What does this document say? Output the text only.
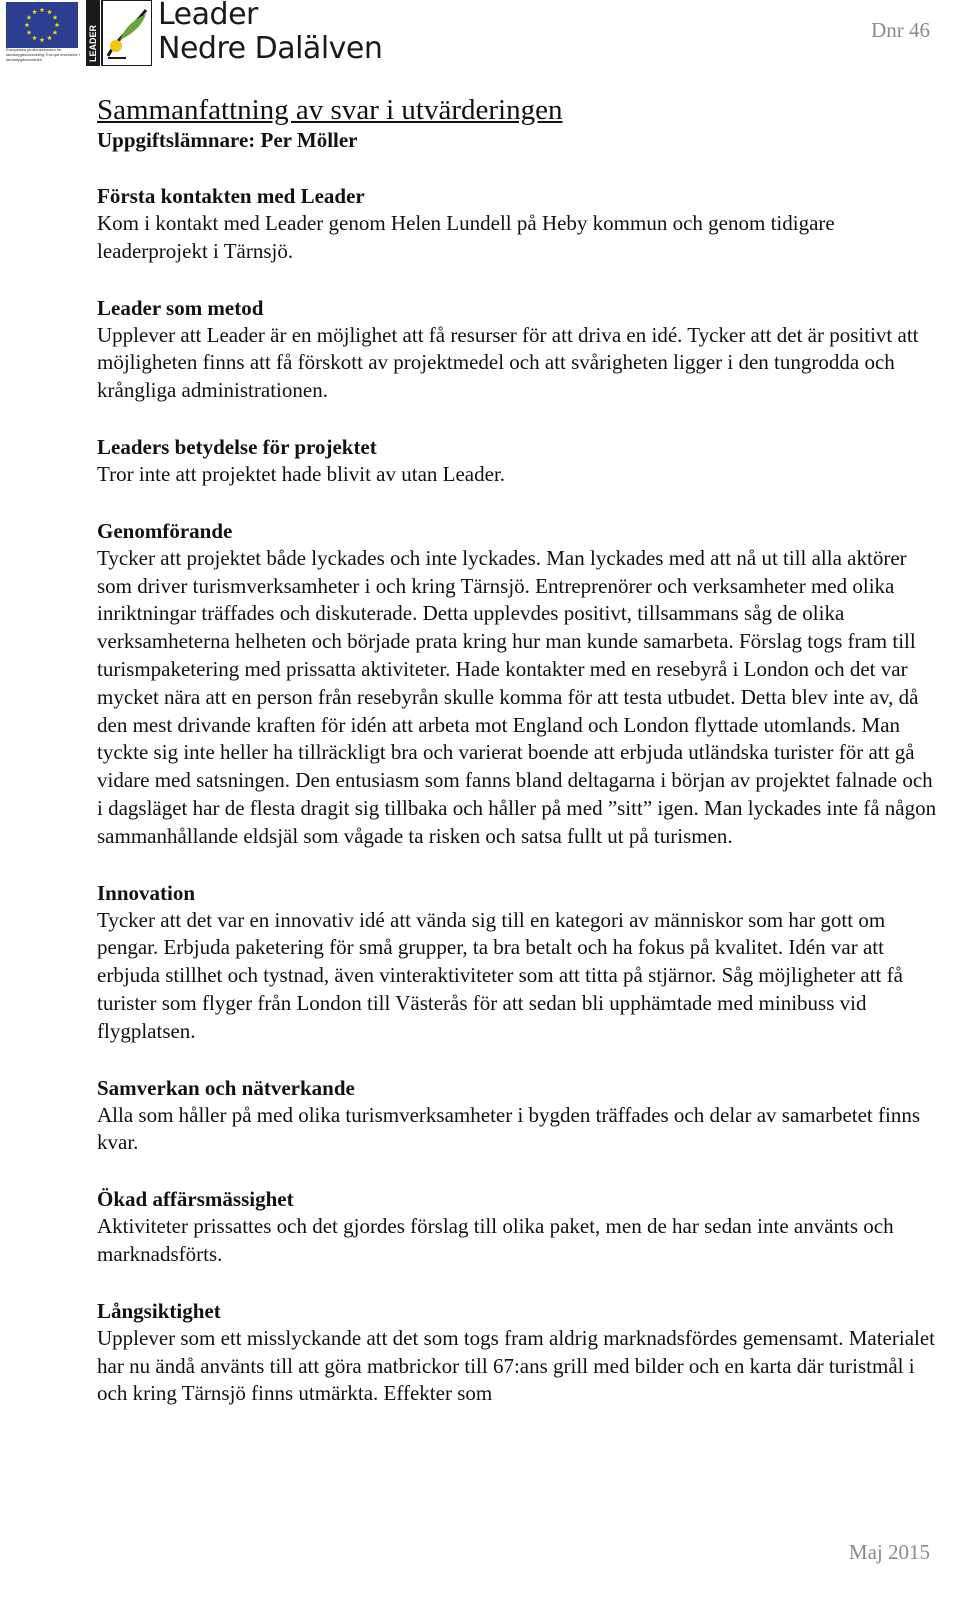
Europeiska jordbruksfonden för landsbygdsutveckling: Europa investerar i landsbygdsområden	LEADER
Leader
Nedre Dalälven
Dnr 46
Sammanfattning av svar i utvärderingen

Uppgiftslämnare: Per Möller

Första kontakten med Leader

Kom i kontakt med Leader genom Helen Lundell på Heby kommun och genom tidigare leaderprojekt i Tärnsjö.

Leader som metod

Upplever att Leader är en möjlighet att få resurser för att driva en idé. Tycker att det är positivt att möjligheten finns att få förskott av projektmedel och att svårigheten ligger i den tungrodda och krångliga administrationen.

Leaders betydelse för projektet

Tror inte att projektet hade blivit av utan Leader.

Genomförande

Tycker att projektet både lyckades och inte lyckades. Man lyckades med att nå ut till alla aktörer som driver turismverksamheter i och kring Tärnsjö. Entreprenörer och verksamheter med olika inriktningar träffades och diskuterade. Detta upplevdes positivt, tillsammans såg de olika verksamheterna helheten och började prata kring hur man kunde samarbeta. Förslag togs fram till turismpaketering med prissatta aktiviteter. Hade kontakter med en resebyrå i London och det var mycket nära att en person från resebyrån skulle komma för att testa utbudet. Detta blev inte av, då den mest drivande kraften för idén att arbeta mot England och London flyttade utomlands. Man tyckte sig inte heller ha tillräckligt bra och varierat boende att erbjuda utländska turister för att gå vidare med satsningen. Den entusiasm som fanns bland deltagarna i början av projektet falnade och i dagsläget har de flesta dragit sig tillbaka och håller på med ”sitt” igen. Man lyckades inte få någon sammanhållande eldsjäl som vågade ta risken och satsa fullt ut på turismen.

Innovation

Tycker att det var en innovativ idé att vända sig till en kategori av människor som har gott om pengar. Erbjuda paketering för små grupper, ta bra betalt och ha fokus på kvalitet. Idén var att erbjuda stillhet och tystnad, även vinteraktiviteter som att titta på stjärnor. Såg möjligheter att få turister som flyger från London till Västerås för att sedan bli upphämtade med minibuss vid flygplatsen.

Samverkan och nätverkande

Alla som håller på med olika turismverksamheter i bygden träffades och delar av samarbetet finns kvar.

Ökad affärsmässighet

Aktiviteter prissattes och det gjordes förslag till olika paket, men de har sedan inte använts och marknadsförts.

Långsiktighet

Upplever som ett misslyckande att det som togs fram aldrig marknadsfördes gemensamt. Materialet har nu ändå använts till att göra matbrickor till 67:ans grill med bilder och en karta där turistmål i och kring Tärnsjö finns utmärkta. Effekter som

Maj 2015
